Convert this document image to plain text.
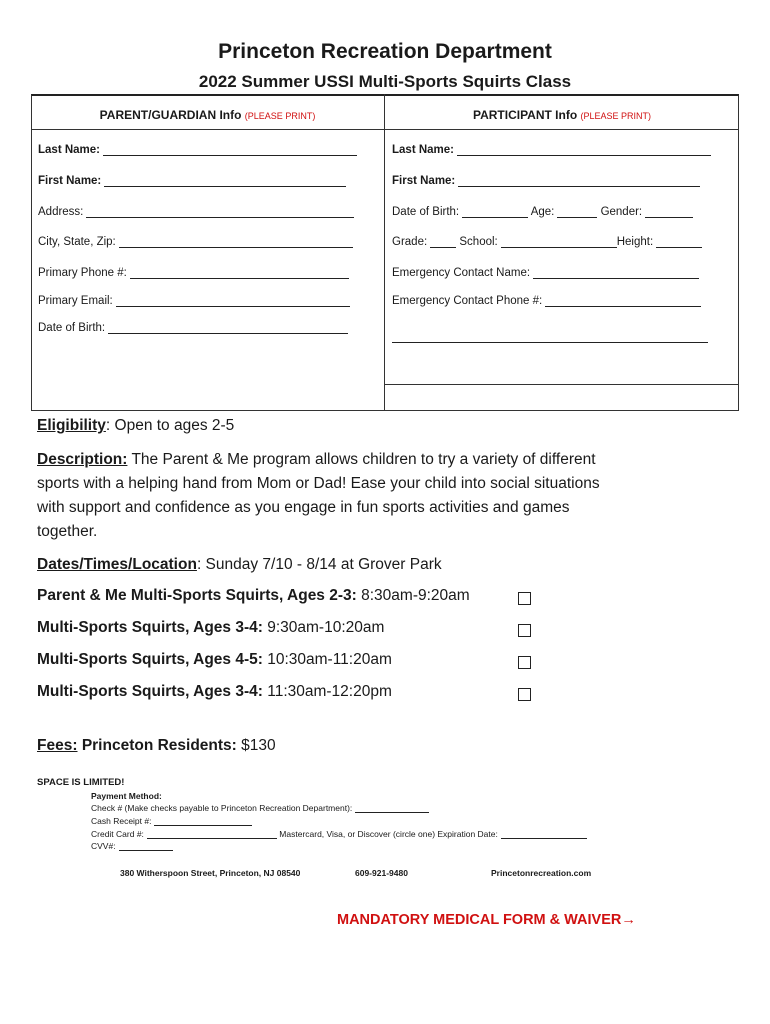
Princeton Recreation Department
2022 Summer USSI Multi-Sports Squirts Class
PARENT/GUARDIAN Info (PLEASE PRINT)	PARTICIPANT Info (PLEASE PRINT)
Last Name:
First Name:
Address:
City, State, Zip:
Primary Phone #:
Primary Email:
Date of Birth:
Last Name:
First Name:
Date of Birth:	Age:	Gender:
Grade:	School:	Height:
Emergency Contact Name:
Emergency Contact Phone #:
Eligibility: Open to ages 2-5
Description: The Parent & Me program allows children to try a variety of different
sports with a helping hand from Mom or Dad! Ease your child into social situations
with support and confidence as you engage in fun sports activities and games
together.
Dates/Times/Location: Sunday 7/10 - 8/14 at Grover Park
Parent & Me Multi-Sports Squirts, Ages 2-3: 8:30am-9:20am
Multi-Sports Squirts, Ages 3-4: 9:30am-10:20am
Multi-Sports Squirts, Ages 4-5: 10:30am-11:20am
Multi-Sports Squirts, Ages 3-4: 11:30am-12:20pm
Fees: Princeton Residents: $130
SPACE IS LIMITED!
Payment Method:
Check # (Make checks payable to Princeton Recreation Department):
Cash Receipt #:
Credit Card #:	Mastercard, Visa, or Discover (circle one) Expiration Date:
CVV#:
380 Witherspoon Street, Princeton, NJ 08540	609-921-9480	Princetonrecreation.com
MANDATORY MEDICAL FORM & WAIVER→
